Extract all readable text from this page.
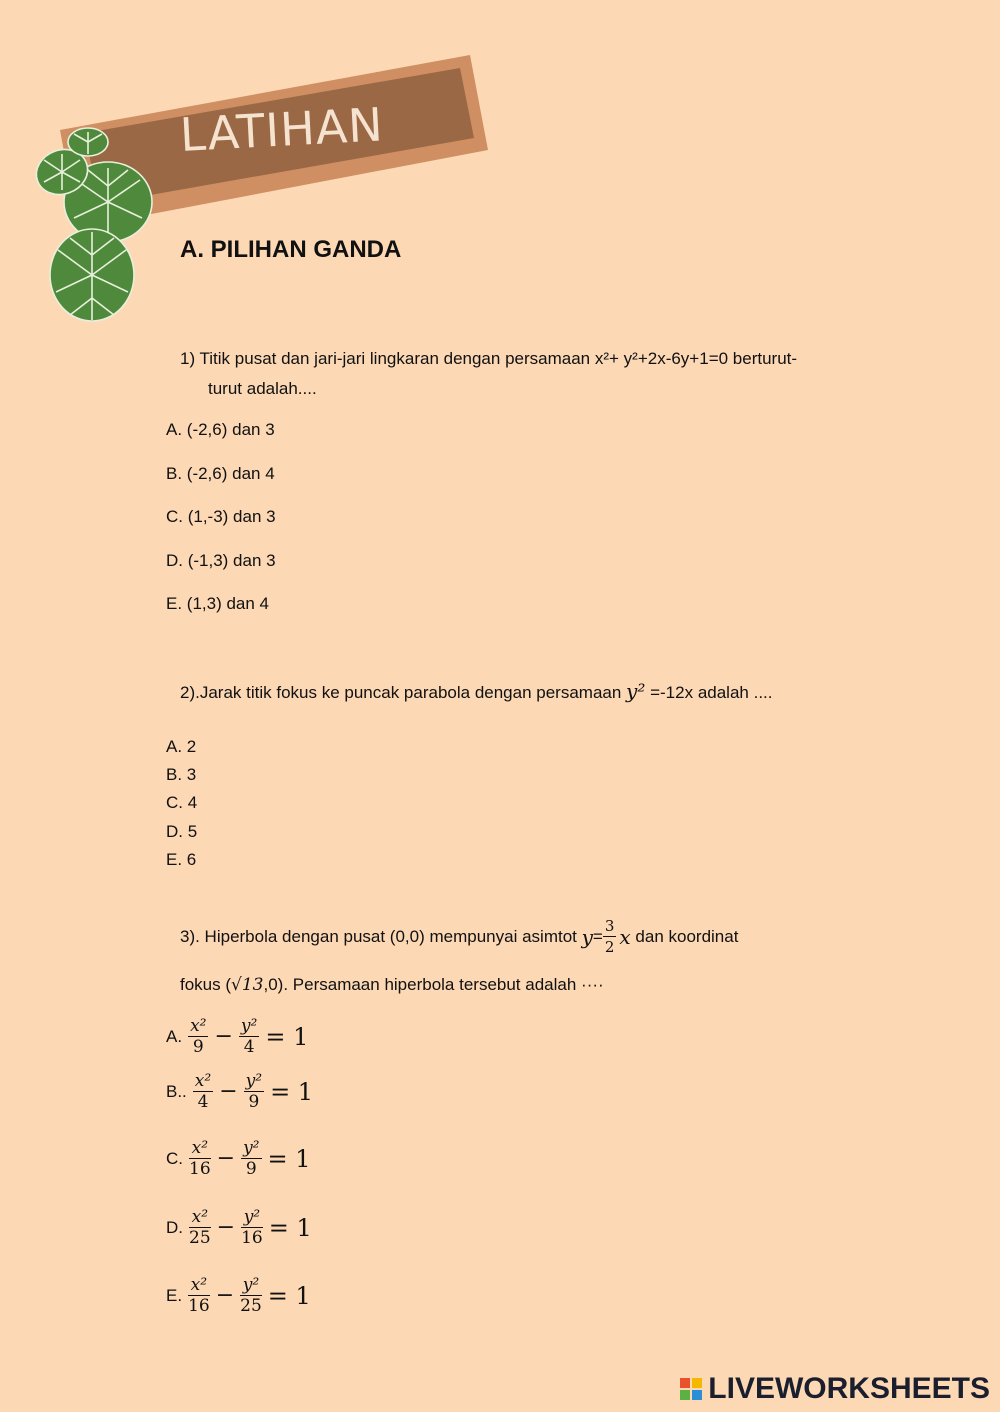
LATIHAN
A. PILIHAN GANDA
1) Titik pusat dan jari-jari lingkaran dengan persamaan x²+ y²+2x-6y+1=0 berturut-
turut adalah....
A. (-2,6) dan 3
B. (-2,6) dan 4
C. (1,-3) dan 3
D. (-1,3) dan 3
E. (1,3) dan 4
2).Jarak titik fokus ke puncak parabola dengan persamaan y² =-12x adalah ....
A. 2
B. 3
C. 4
D. 5
E. 6
3). Hiperbola dengan pusat (0,0) mempunyai asimtot $y = \frac{3}{2}$ x dan koordinat
fokus (√13,0). Persamaan hiperbola tersebut adalah ····
A. $\frac{\text{x²}}{9} - \frac{\text{y²}}{4} = 1$
B.. $\frac{\text{x²}}{4} - \frac{\text{y²}}{9} = 1$
C. $\frac{\text{x²}}{16} - \frac{\text{y²}}{9} = 1$
D. $\frac{\text{x²}}{25} - \frac{\text{y²}}{16} = 1$
E. $\frac{\text{x²}}{16} - \frac{\text{y²}}{25} = 1$
LIVEWORKSHEETS
